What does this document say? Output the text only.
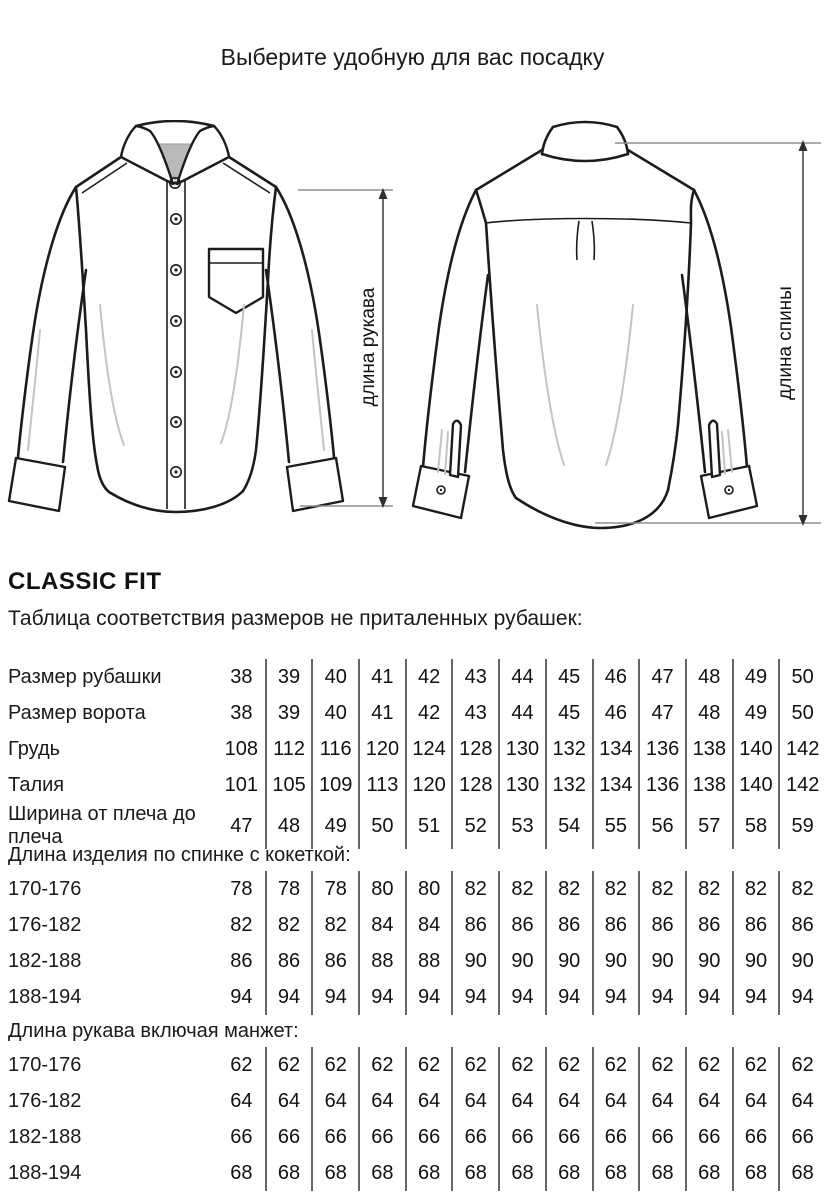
Выберите удобную для вас посадку
длина рукава	длина спины
CLASSIC FIT
Таблица соответствия размеров не приталенных рубашек:
Размер рубашки	38	39	40	41	42	43	44	45	46	47	48	49	50
Размер ворота	38	39	40	41	42	43	44	45	46	47	48	49	50
Грудь	108 112 116 120 124 128 130 132 134 136 138 140 142
Талия	101 105 109 113 120 128 130 132 134 136 138 140 142
Ширина от плеча до плеча
47	48	49	50	51	52	53	54	55	56	57	58	59
Длина изделия по спинке с кокеткой:
170-176	78	78	78	80	80	82	82	82	82	82	82	82	82
176-182	82	82	82	84	84	86	86	86	86	86	86	86	86
182-188	86	86	86	88	88	90	90	90	90	90	90	90	90
188-194	94	94	94	94	94	94	94	94	94	94	94	94	94
Длина рукава включая манжет:
170-176	62	62	62	62	62	62	62	62	62	62	62	62	62
176-182	64	64	64	64	64	64	64	64	64	64	64	64	64
182-188	66	66	66	66	66	66	66	66	66	66	66	66	66
188-194	68	68	68	68	68	68	68	68	68	68	68	68	68
